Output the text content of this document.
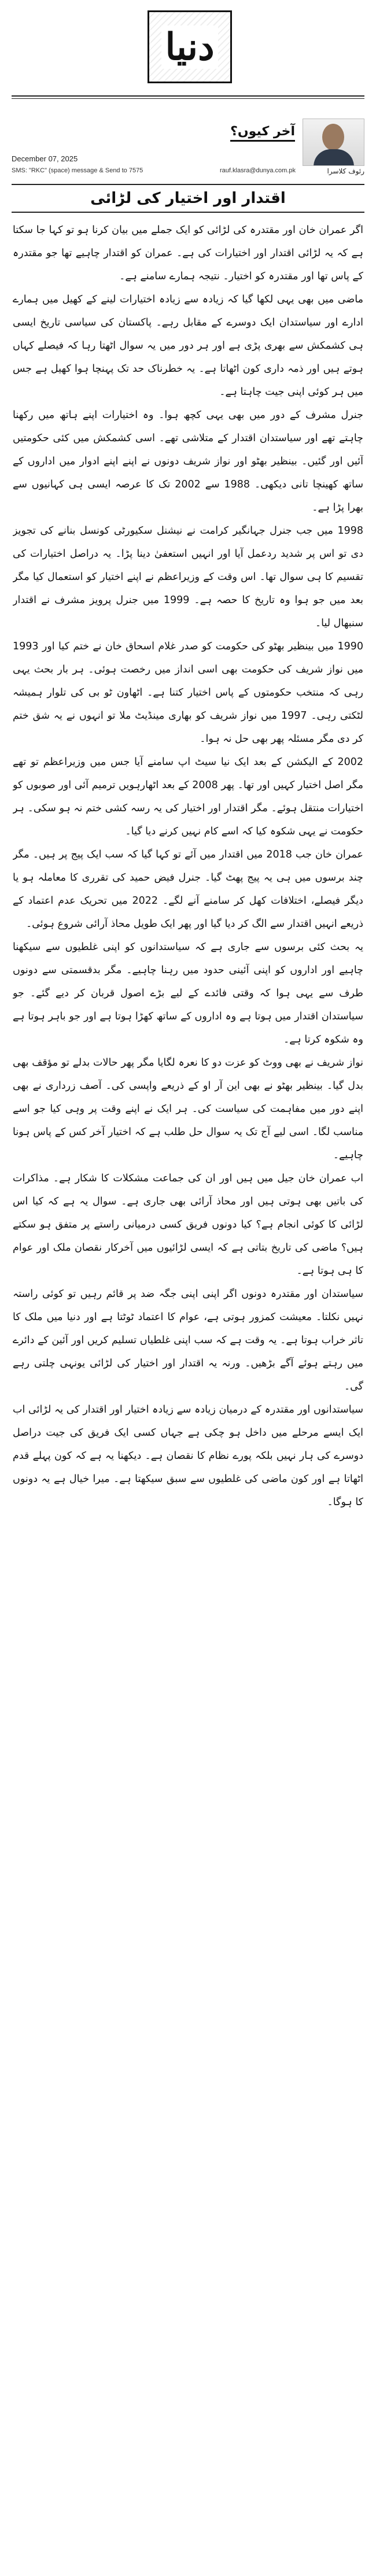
دنیا
آخر کیوں؟
رئوف کلاسرا
December 07, 2025
SMS: "RKC" (space) message & Send to 7575	rauf.klasra@dunya.com.pk
اقتدار اور اختیار کی لڑائی

اگر عمران خان اور مقتدرہ کی لڑائی کو ایک جملے میں بیان کرنا ہو تو کہا جا سکتا ہے کہ یہ لڑائی اقتدار اور اختیارات کی ہے۔ عمران کو اقتدار چاہیے تھا جو مقتدرہ کے پاس تھا اور مقتدرہ کو اختیار۔ نتیجہ ہمارے سامنے ہے۔

ماضی میں بھی یہی لکھا گیا کہ زیادہ سے زیادہ اختیارات لینے کے کھیل میں ہمارے ادارے اور سیاستدان ایک دوسرے کے مقابل رہے۔ پاکستان کی سیاسی تاریخ ایسی ہی کشمکش سے بھری پڑی ہے اور ہر دور میں یہ سوال اٹھتا رہا کہ فیصلے کہاں ہوتے ہیں اور ذمہ داری کون اٹھاتا ہے۔ یہ خطرناک حد تک پہنچا ہوا کھیل ہے جس میں ہر کوئی اپنی جیت چاہتا ہے۔

جنرل مشرف کے دور میں بھی یہی کچھ ہوا۔ وہ اختیارات اپنے ہاتھ میں رکھنا چاہتے تھے اور سیاستدان اقتدار کے متلاشی تھے۔ اسی کشمکش میں کئی حکومتیں آئیں اور گئیں۔ بینظیر بھٹو اور نواز شریف دونوں نے اپنے اپنے ادوار میں اداروں کے ساتھ کھینچا تانی دیکھی۔ 1988 سے 2002 تک کا عرصہ ایسی ہی کہانیوں سے بھرا پڑا ہے۔

1998 میں جب جنرل جہانگیر کرامت نے نیشنل سکیورٹی کونسل بنانے کی تجویز دی تو اس پر شدید ردعمل آیا اور انہیں استعفیٰ دینا پڑا۔ یہ دراصل اختیارات کی تقسیم کا ہی سوال تھا۔ اس وقت کے وزیراعظم نے اپنے اختیار کو استعمال کیا مگر بعد میں جو ہوا وہ تاریخ کا حصہ ہے۔ 1999 میں جنرل پرویز مشرف نے اقتدار سنبھال لیا۔

1990 میں بینظیر بھٹو کی حکومت کو صدر غلام اسحاق خان نے ختم کیا اور 1993 میں نواز شریف کی حکومت بھی اسی انداز میں رخصت ہوئی۔ ہر بار بحث یہی رہی کہ منتخب حکومتوں کے پاس اختیار کتنا ہے۔ اٹھاون ٹو بی کی تلوار ہمیشہ لٹکتی رہی۔ 1997 میں نواز شریف کو بھاری مینڈیٹ ملا تو انہوں نے یہ شق ختم کر دی مگر مسئلہ پھر بھی حل نہ ہوا۔

2002 کے الیکشن کے بعد ایک نیا سیٹ اپ سامنے آیا جس میں وزیراعظم تو تھے مگر اصل اختیار کہیں اور تھا۔ پھر 2008 کے بعد اٹھارہویں ترمیم آئی اور صوبوں کو اختیارات منتقل ہوئے۔ مگر اقتدار اور اختیار کی یہ رسہ کشی ختم نہ ہو سکی۔ ہر حکومت نے یہی شکوہ کیا کہ اسے کام نہیں کرنے دیا گیا۔

عمران خان جب 2018 میں اقتدار میں آئے تو کہا گیا کہ سب ایک پیج پر ہیں۔ مگر چند برسوں میں ہی یہ پیج پھٹ گیا۔ جنرل فیض حمید کی تقرری کا معاملہ ہو یا دیگر فیصلے، اختلافات کھل کر سامنے آنے لگے۔ 2022 میں تحریک عدم اعتماد کے ذریعے انہیں اقتدار سے الگ کر دیا گیا اور پھر ایک طویل محاذ آرائی شروع ہوئی۔

یہ بحث کئی برسوں سے جاری ہے کہ سیاستدانوں کو اپنی غلطیوں سے سیکھنا چاہیے اور اداروں کو اپنی آئینی حدود میں رہنا چاہیے۔ مگر بدقسمتی سے دونوں طرف سے یہی ہوا کہ وقتی فائدے کے لیے بڑے اصول قربان کر دیے گئے۔ جو سیاستدان اقتدار میں ہوتا ہے وہ اداروں کے ساتھ کھڑا ہوتا ہے اور جو باہر ہوتا ہے وہ شکوہ کرتا ہے۔

نواز شریف نے بھی ووٹ کو عزت دو کا نعرہ لگایا مگر پھر حالات بدلے تو مؤقف بھی بدل گیا۔ بینظیر بھٹو نے بھی این آر او کے ذریعے واپسی کی۔ آصف زرداری نے بھی اپنے دور میں مفاہمت کی سیاست کی۔ ہر ایک نے اپنے وقت پر وہی کیا جو اسے مناسب لگا۔ اسی لیے آج تک یہ سوال حل طلب ہے کہ اختیار آخر کس کے پاس ہونا چاہیے۔

اب عمران خان جیل میں ہیں اور ان کی جماعت مشکلات کا شکار ہے۔ مذاکرات کی باتیں بھی ہوتی ہیں اور محاذ آرائی بھی جاری ہے۔ سوال یہ ہے کہ کیا اس لڑائی کا کوئی انجام ہے؟ کیا دونوں فریق کسی درمیانی راستے پر متفق ہو سکتے ہیں؟ ماضی کی تاریخ بتاتی ہے کہ ایسی لڑائیوں میں آخرکار نقصان ملک اور عوام کا ہی ہوتا ہے۔

سیاستدان اور مقتدرہ دونوں اگر اپنی اپنی جگہ ضد پر قائم رہیں تو کوئی راستہ نہیں نکلتا۔ معیشت کمزور ہوتی ہے، عوام کا اعتماد ٹوٹتا ہے اور دنیا میں ملک کا تاثر خراب ہوتا ہے۔ یہ وقت ہے کہ سب اپنی غلطیاں تسلیم کریں اور آئین کے دائرے میں رہتے ہوئے آگے بڑھیں۔ ورنہ یہ اقتدار اور اختیار کی لڑائی یونہی چلتی رہے گی۔

سیاستدانوں اور مقتدرہ کے درمیان زیادہ سے زیادہ اختیار اور اقتدار کی یہ لڑائی اب ایک ایسے مرحلے میں داخل ہو چکی ہے جہاں کسی ایک فریق کی جیت دراصل دوسرے کی ہار نہیں بلکہ پورے نظام کا نقصان ہے۔ دیکھنا یہ ہے کہ کون پہلے قدم اٹھاتا ہے اور کون ماضی کی غلطیوں سے سبق سیکھتا ہے۔ میرا خیال ہے یہ دونوں کا ہوگا۔
